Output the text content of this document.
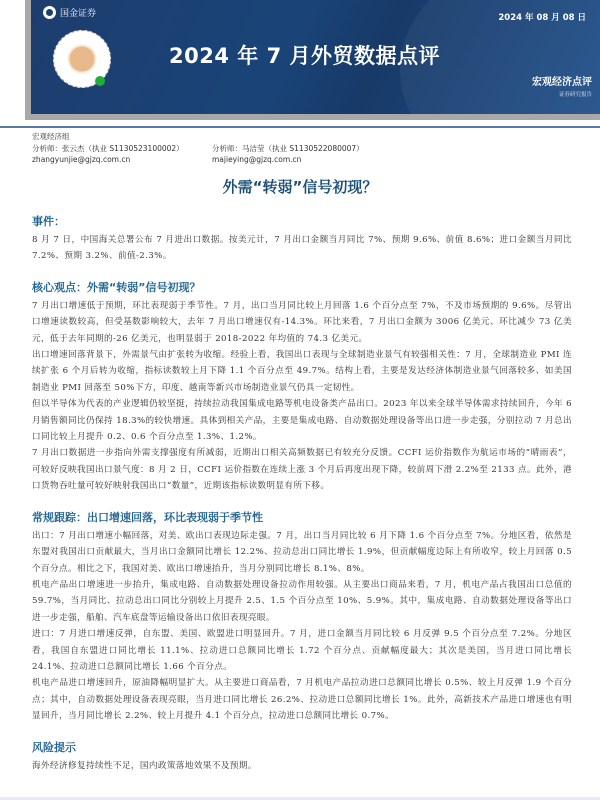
国金证券	2024 年 08 月 08 日
2024 年 7 月外贸数据点评
宏观经济点评
证券研究报告
宏观经济组
分析师：张云杰（执业 S1130523100002）	分析师：马洁莹（执业 S1130522080007）
zhangyunjie@gjzq.com.cn	majieying@gjzq.com.cn
外需“转弱”信号初现？
事件：

8 月 7 日，中国海关总署公布 7 月进出口数据。按美元计，7 月出口金额当月同比 7%、预期 9.6%、前值 8.6%；进口金额当月同比 7.2%、预期 3.2%、前值-2.3%。

核心观点：外需“转弱”信号初现？

7 月出口增速低于预期，环比表现弱于季节性。7 月，出口当月同比较上月回落 1.6 个百分点至 7%，不及市场预期的 9.6%。尽管出口增速读数较高，但受基数影响较大，去年 7 月出口增速仅有-14.3%。环比来看，7 月出口金额为 3006 亿美元、环比减少 73 亿美元，低于去年同期的-26 亿美元，也明显弱于 2018-2022 年均值的 74.3 亿美元。

出口增速回落背景下，外需景气由扩张转为收缩。经验上看，我国出口表现与全球制造业景气有较强相关性：7 月，全球制造业 PMI 连续扩张 6 个月后转为收缩，指标读数较上月下降 1.1 个百分点至 49.7%。结构上看，主要是发达经济体制造业景气回落较多、如美国制造业 PMI 回落至 50%下方，印度、越南等新兴市场制造业景气仍具一定韧性。

但以半导体为代表的产业逻辑仍较坚挺，持续拉动我国集成电路等机电设备类产品出口。2023 年以来全球半导体需求持续回升，今年 6 月销售额同比仍保持 18.3%的较快增速。具体到相关产品，主要是集成电路、自动数据处理设备等出口进一步走强，分别拉动 7 月总出口同比较上月提升 0.2、0.6 个百分点至 1.3%、1.2%。

7 月出口数据进一步指向外需支撑强度有所减弱，近期出口相关高频数据已有较充分反馈。CCFI 运价指数作为航运市场的“晴雨表”，可较好反映我国出口景气度：8 月 2 日，CCFI 运价指数在连续上涨 3 个月后再度出现下降，较前周下滑 2.2%至 2133 点。此外，港口货物吞吐量可较好映射我国出口“数量”，近期该指标读数明显有所下移。

常规跟踪：出口增速回落，环比表现弱于季节性

出口：7 月出口增速小幅回落，对美、欧出口表现边际走强。7 月，出口当月同比较 6 月下降 1.6 个百分点至 7%。分地区看，依然是东盟对我国出口贡献最大，当月出口金额同比增长 12.2%、拉动总出口同比增长 1.9%，但贡献幅度边际上有所收窄，较上月回落 0.5 个百分点。相比之下，我国对美、欧出口增速抬升，当月分别同比增长 8.1%、8%。

机电产品出口增速进一步抬升，集成电路、自动数据处理设备拉动作用较强。从主要出口商品来看，7 月，机电产品占我国出口总值的 59.7%，当月同比、拉动总出口同比分别较上月提升 2.5、1.5 个百分点至 10%、5.9%。其中，集成电路、自动数据处理设备等出口进一步走强，船舶、汽车底盘等运输设备出口依旧表现亮眼。

进口：7 月进口增速反弹，自东盟、美国、欧盟进口明显回升。7 月，进口金额当月同比较 6 月反弹 9.5 个百分点至 7.2%。分地区看，我国自东盟进口同比增长 11.1%、拉动进口总额同比增长 1.72 个百分点、贡献幅度最大；其次是美国，当月进口同比增长 24.1%、拉动进口总额同比增长 1.66 个百分点。

机电产品进口增速回升，原油降幅明显扩大。从主要进口商品看，7 月机电产品拉动进口总额同比增长 0.5%、较上月反弹 1.9 个百分点；其中，自动数据处理设备表现亮眼，当月进口同比增长 26.2%、拉动进口总额同比增长 1%。此外，高新技术产品进口增速也有明显回升，当月同比增长 2.2%、较上月提升 4.1 个百分点，拉动进口总额同比增长 0.7%。

风险提示

海外经济修复持续性不足，国内政策落地效果不及预期。
